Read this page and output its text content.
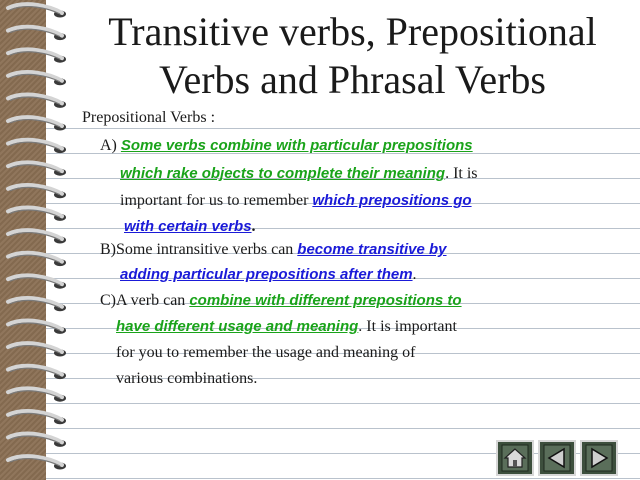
Transitive verbs, Prepositional
Verbs and Phrasal Verbs
Prepositional Verbs :
A) Some verbs combine with particular prepositions
which rake objects to complete their meaning. It is
important for us to remember which prepositions go
with certain verbs.
B)Some intransitive verbs can become transitive by
adding particular prepositions after them.
C)A verb can combine with different prepositions to
have different usage and meaning. It is important
for you to remember the usage and meaning of
various combinations.
